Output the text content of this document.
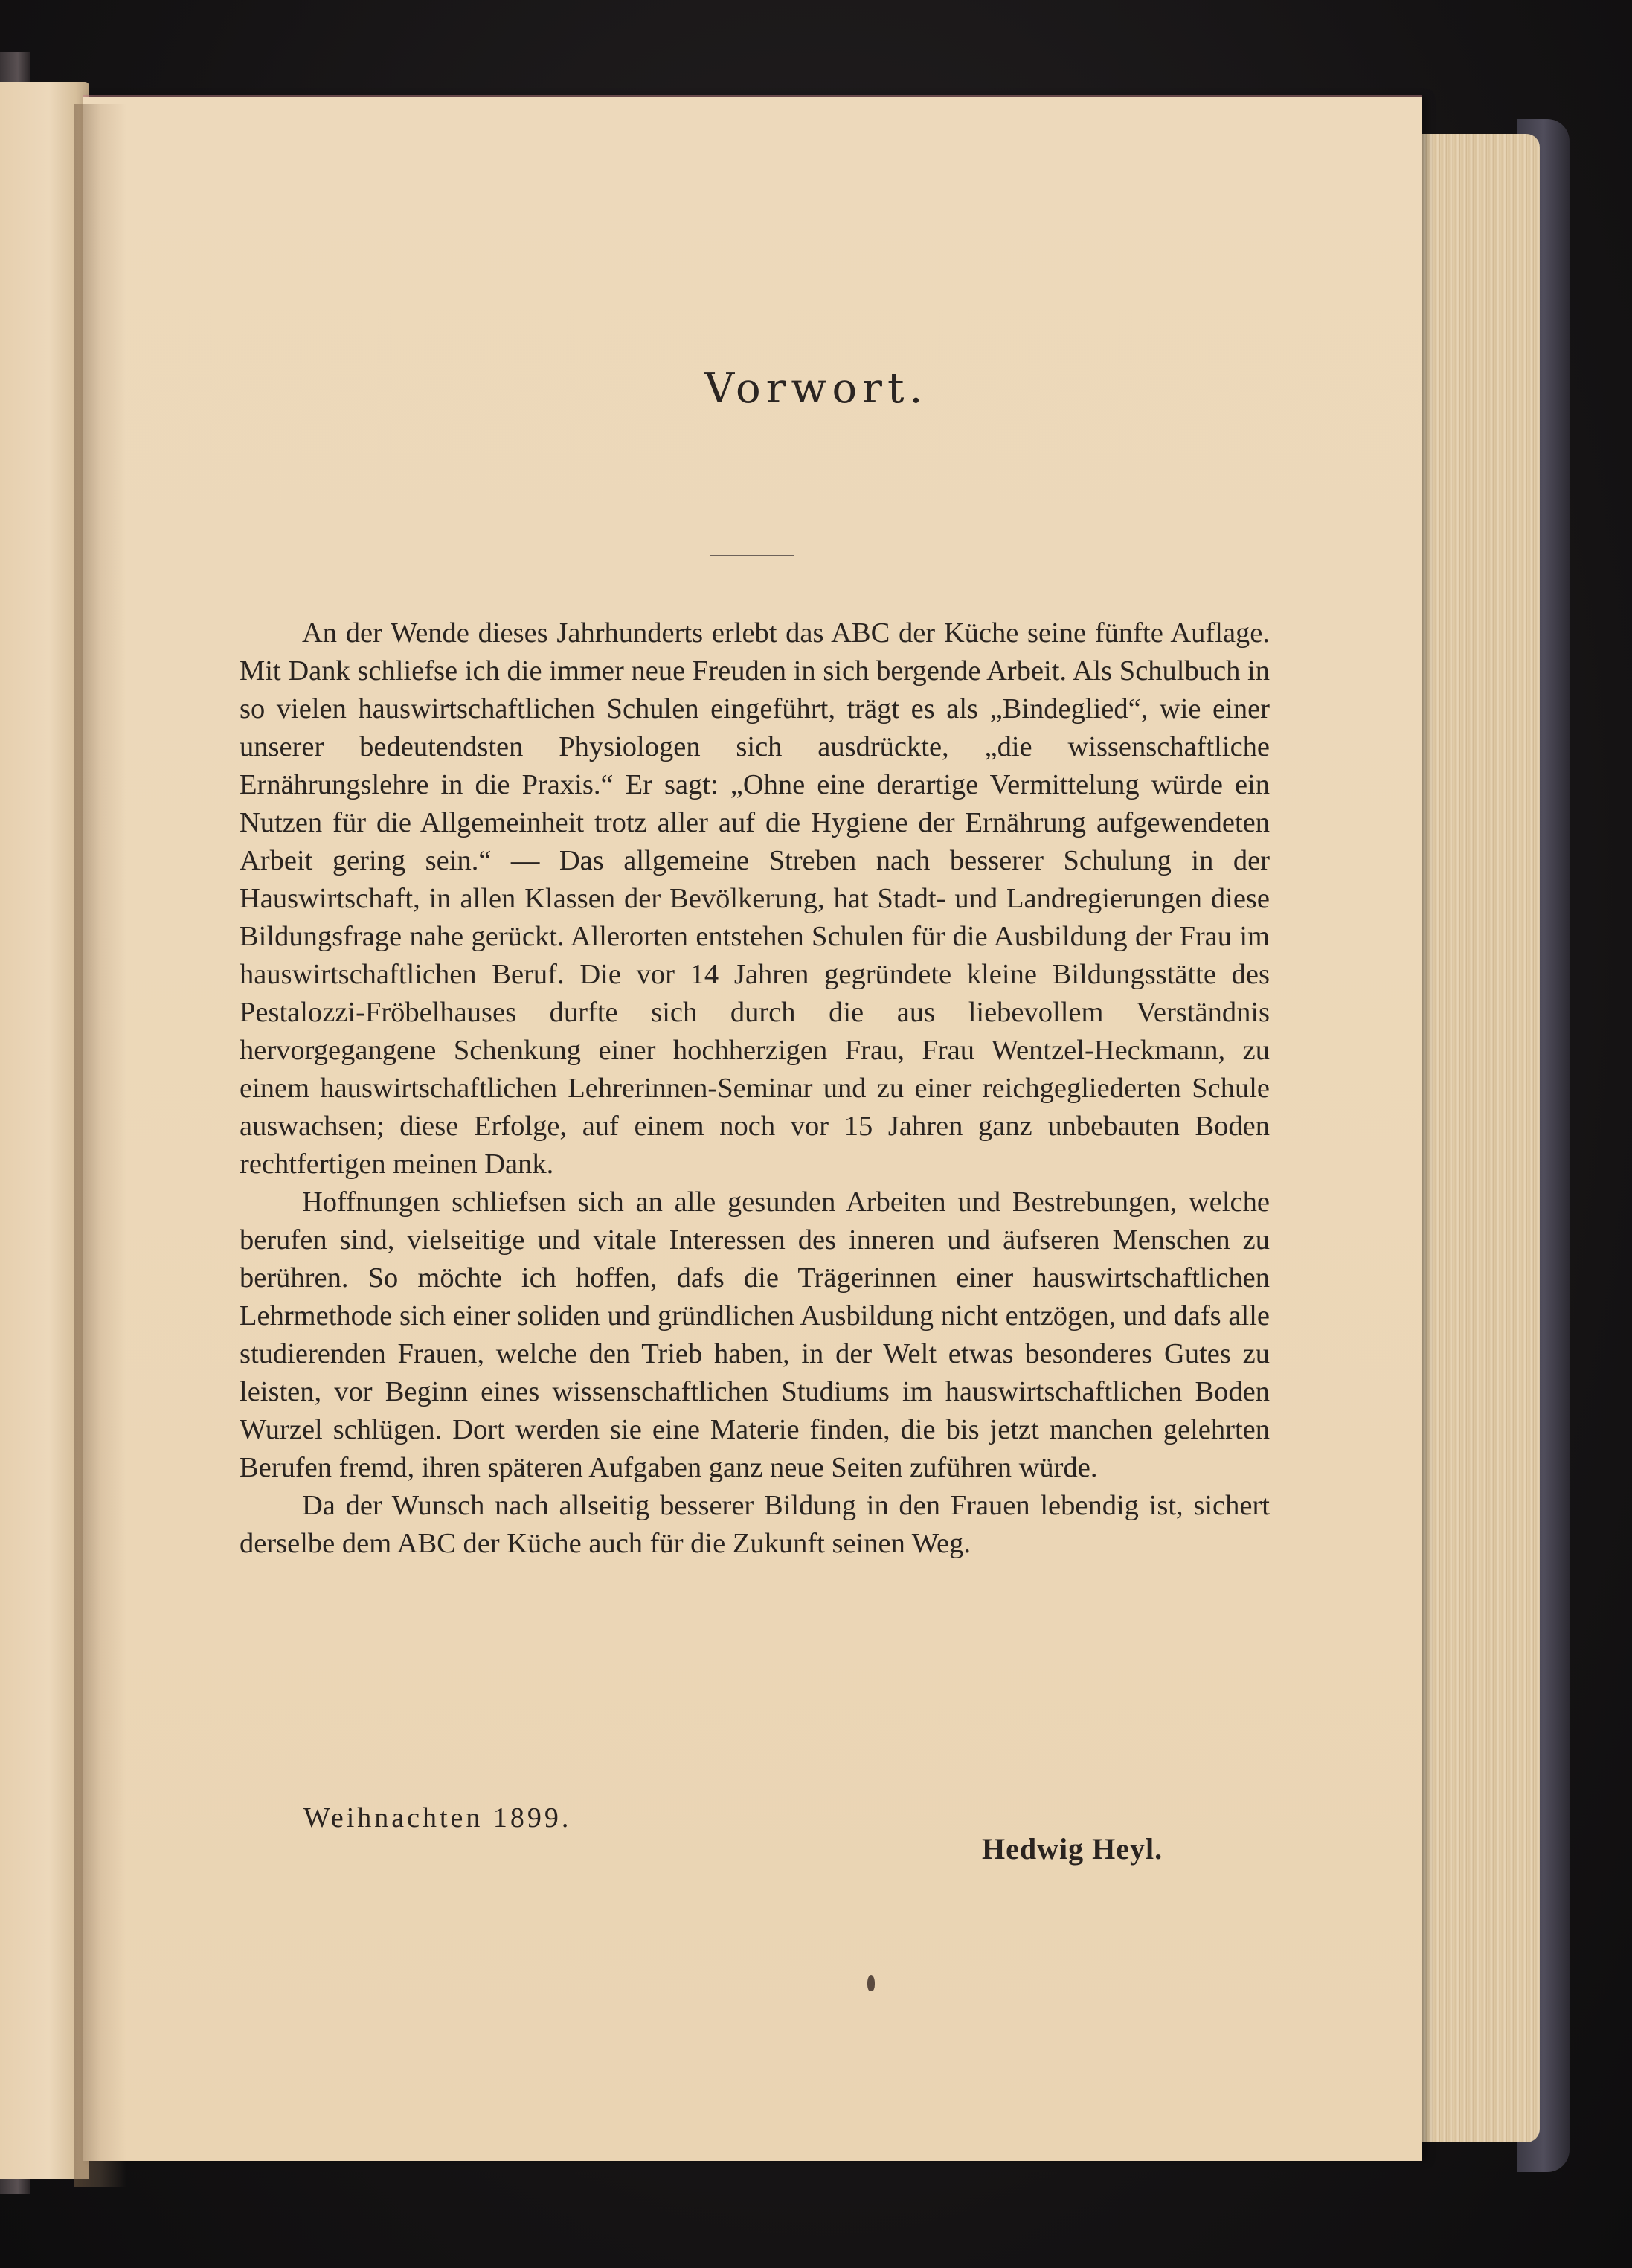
Vorwort.

An der Wende dieses Jahrhunderts erlebt das ABC der Küche seine fünfte Auflage. Mit Dank schliefse ich die immer neue Freuden in sich bergende Arbeit. Als Schulbuch in so vielen hauswirtschaftlichen Schulen eingeführt, trägt es als „Bindeglied“, wie einer unserer bedeutendsten Physiologen sich ausdrückte, „die wissenschaftliche Ernährungslehre in die Praxis.“ Er sagt: „Ohne eine derartige Vermittelung würde ein Nutzen für die Allgemeinheit trotz aller auf die Hygiene der Ernährung aufgewendeten Arbeit gering sein.“ — Das allgemeine Streben nach besserer Schulung in der Hauswirtschaft, in allen Klassen der Bevölkerung, hat Stadt- und Landregierungen diese Bildungsfrage nahe gerückt. Allerorten entstehen Schulen für die Ausbildung der Frau im hauswirtschaftlichen Beruf. Die vor 14 Jahren gegründete kleine Bildungsstätte des Pestalozzi-Fröbelhauses durfte sich durch die aus liebevollem Verständnis hervorgegangene Schenkung einer hochherzigen Frau, Frau Wentzel-Heckmann, zu einem hauswirtschaftlichen Lehrerinnen-Seminar und zu einer reichgegliederten Schule auswachsen; diese Erfolge, auf einem noch vor 15 Jahren ganz unbebauten Boden rechtfertigen meinen Dank.

Hoffnungen schliefsen sich an alle gesunden Arbeiten und Bestrebungen, welche berufen sind, vielseitige und vitale Interessen des inneren und äufseren Menschen zu berühren. So möchte ich hoffen, dafs die Trägerinnen einer hauswirtschaftlichen Lehrmethode sich einer soliden und gründlichen Ausbildung nicht entzögen, und dafs alle studierenden Frauen, welche den Trieb haben, in der Welt etwas besonderes Gutes zu leisten, vor Beginn eines wissenschaftlichen Studiums im hauswirtschaftlichen Boden Wurzel schlügen. Dort werden sie eine Materie finden, die bis jetzt manchen gelehrten Berufen fremd, ihren späteren Aufgaben ganz neue Seiten zuführen würde.

Da der Wunsch nach allseitig besserer Bildung in den Frauen lebendig ist, sichert derselbe dem ABC der Küche auch für die Zukunft seinen Weg.

Weihnachten 1899.
Hedwig Heyl.
